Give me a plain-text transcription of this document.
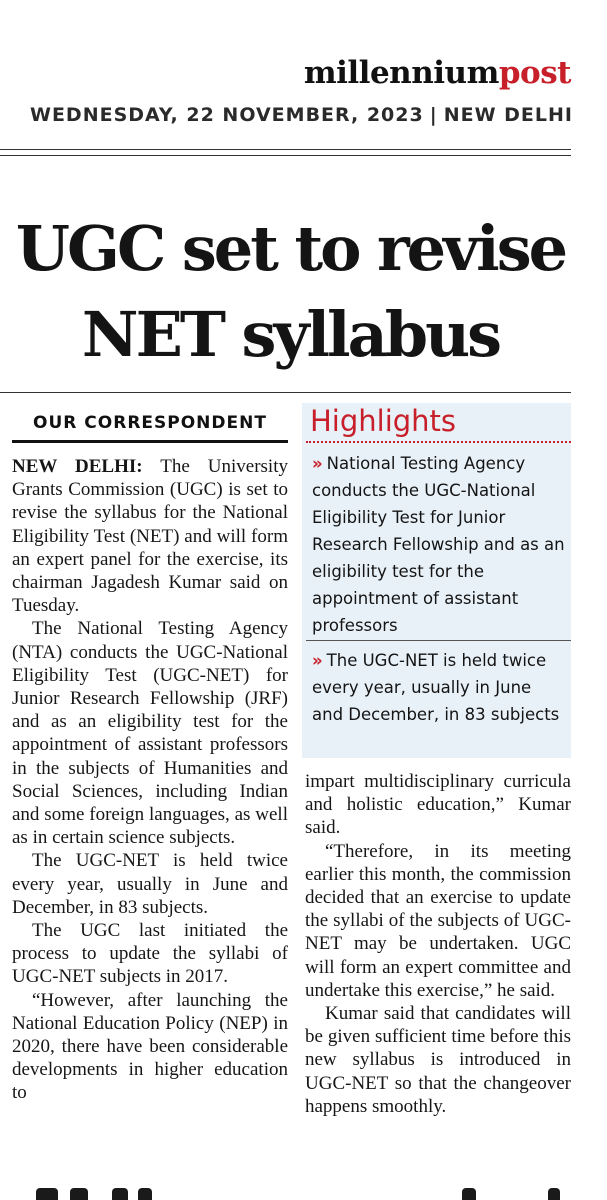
millenniumpost
WEDNESDAY, 22 NOVEMBER, 2023 | NEW DELHI
UGC set to revise
NET syllabus
OUR CORRESPONDENT

NEW DELHI: The University Grants Commission (UGC) is set to revise the syllabus for the National Eligibility Test (NET) and will form an expert panel for the exercise, its chairman Jagadesh Kumar said on Tuesday.

The National Testing Agency (NTA) conducts the UGC-National Eligibility Test (UGC-NET) for Junior Research Fellowship (JRF) and as an eligibility test for the appointment of assistant professors in the subjects of Humanities and Social Sciences, including Indian and some foreign languages, as well as in certain science subjects.

The UGC-NET is held twice every year, usually in June and December, in 83 subjects.

The UGC last initiated the process to update the syllabi of UGC-NET subjects in 2017.

“However, after launching the National Education Policy (NEP) in 2020, there have been considerable developments in higher education to

Highlights
» National Testing Agency conducts the UGC-National Eligibility Test for Junior Research Fellowship and as an eligibility test for the appointment of assistant professors
» The UGC-NET is held twice every year, usually in June and December, in 83 subjects

impart multidisciplinary curricula and holistic education,” Kumar said.

“Therefore, in its meeting earlier this month, the commission decided that an exercise to update the syllabi of the subjects of UGC-NET may be undertaken. UGC will form an expert committee and undertake this exercise,” he said.

Kumar said that candidates will be given sufficient time before this new syllabus is introduced in UGC-NET so that the changeover happens smoothly.
